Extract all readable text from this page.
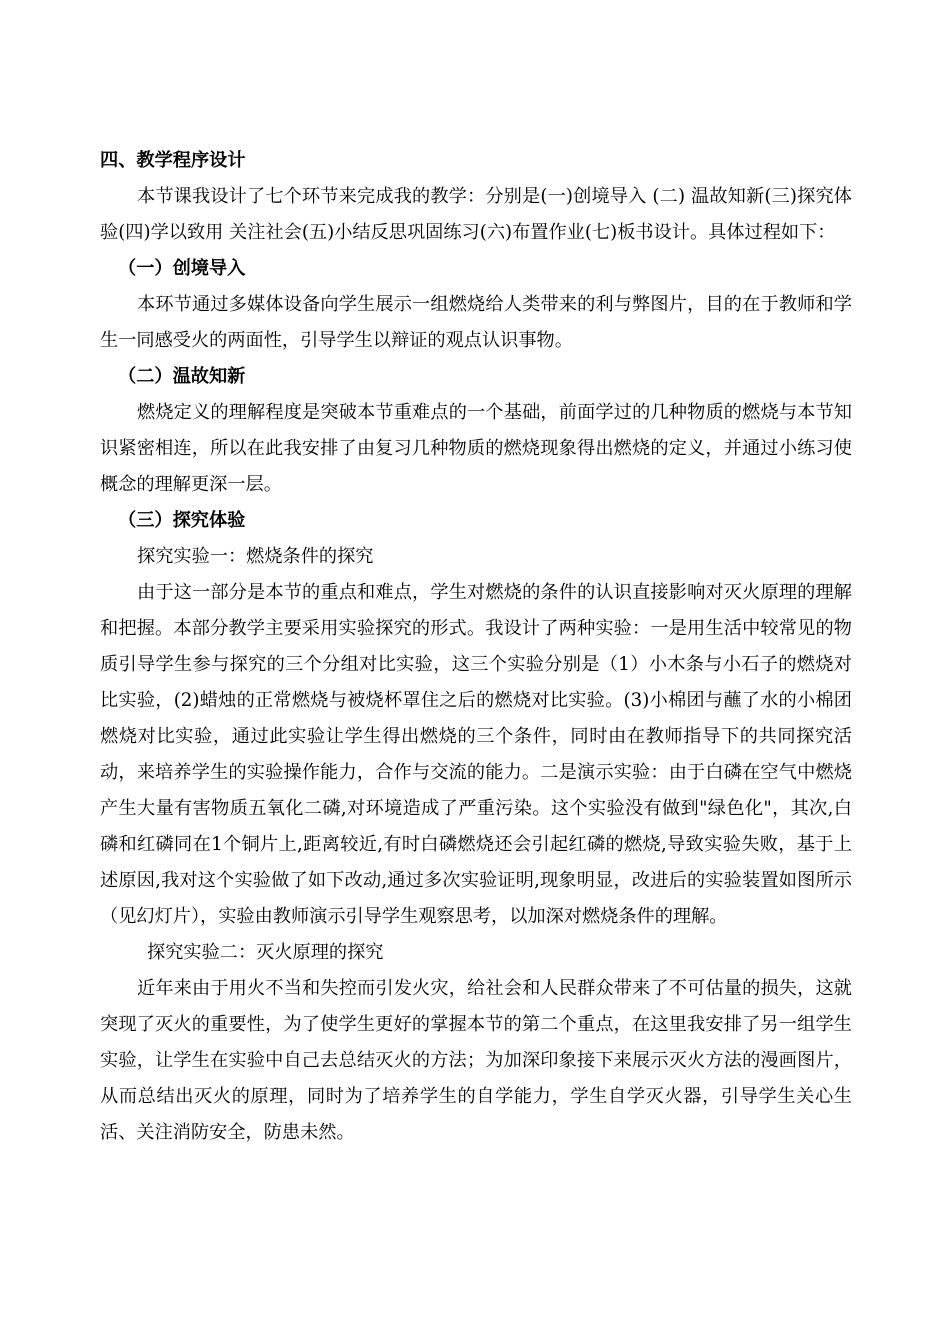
四、教学程序设计

本节课我设计了七个环节来完成我的教学：分别是(一)创境导入 (二) 温故知新(三)探究体验(四)学以致用 关注社会(五)小结反思巩固练习(六)布置作业(七)板书设计。具体过程如下：

（一）创境导入

本环节通过多媒体设备向学生展示一组燃烧给人类带来的利与弊图片，目的在于教师和学生一同感受火的两面性，引导学生以辩证的观点认识事物。

（二）温故知新

燃烧定义的理解程度是突破本节重难点的一个基础，前面学过的几种物质的燃烧与本节知识紧密相连，所以在此我安排了由复习几种物质的燃烧现象得出燃烧的定义，并通过小练习使概念的理解更深一层。

（三）探究体验

探究实验一：燃烧条件的探究

由于这一部分是本节的重点和难点，学生对燃烧的条件的认识直接影响对灭火原理的理解和把握。本部分教学主要采用实验探究的形式。我设计了两种实验：一是用生活中较常见的物质引导学生参与探究的三个分组对比实验，这三个实验分别是（1）小木条与小石子的燃烧对比实验，(2)蜡烛的正常燃烧与被烧杯罩住之后的燃烧对比实验。(3)小棉团与蘸了水的小棉团燃烧对比实验，通过此实验让学生得出燃烧的三个条件，同时由在教师指导下的共同探究活动，来培养学生的实验操作能力，合作与交流的能力。二是演示实验：由于白磷在空气中燃烧产生大量有害物质五氧化二磷,对环境造成了严重污染。这个实验没有做到"绿色化"，其次,白磷和红磷同在1个铜片上,距离较近,有时白磷燃烧还会引起红磷的燃烧,导致实验失败，基于上述原因,我对这个实验做了如下改动,通过多次实验证明,现象明显，改进后的实验装置如图所示（见幻灯片），实验由教师演示引导学生观察思考，以加深对燃烧条件的理解。

探究实验二：灭火原理的探究

近年来由于用火不当和失控而引发火灾，给社会和人民群众带来了不可估量的损失，这就突现了灭火的重要性，为了使学生更好的掌握本节的第二个重点，在这里我安排了另一组学生实验，让学生在实验中自己去总结灭火的方法；为加深印象接下来展示灭火方法的漫画图片，从而总结出灭火的原理，同时为了培养学生的自学能力，学生自学灭火器，引导学生关心生活、关注消防安全，防患未然。
